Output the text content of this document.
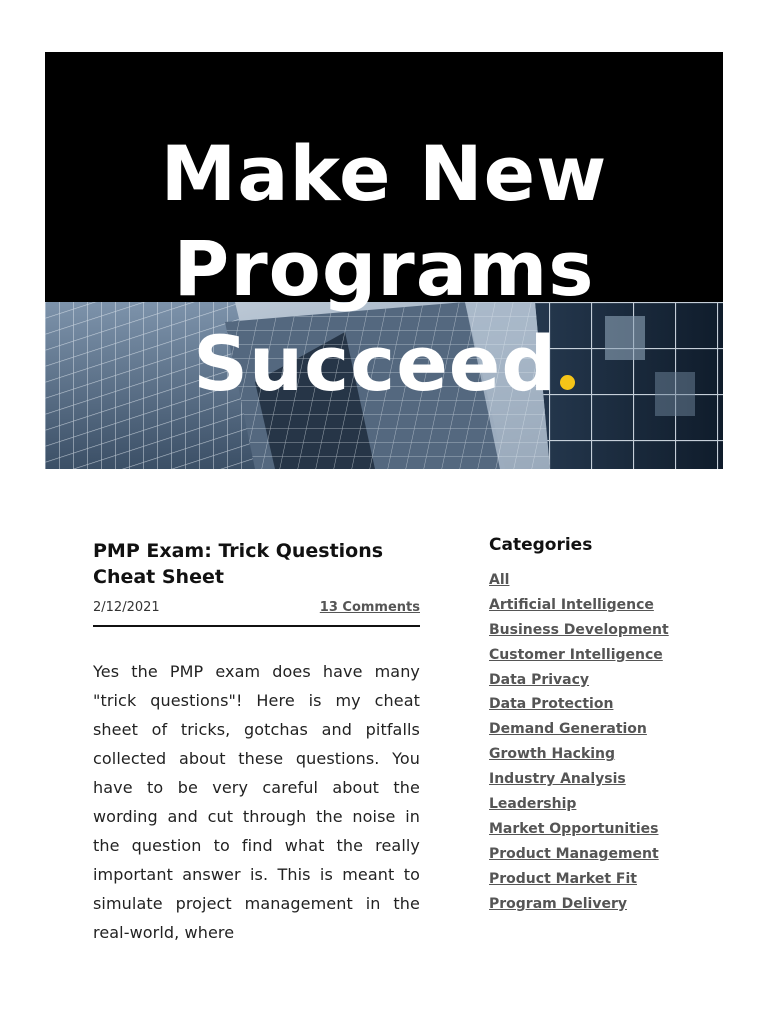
Make New
Programs
Succeed
PMP Exam: Trick Questions Cheat Sheet
2/12/2021	13 Comments

Yes the PMP exam does have many "trick questions"! Here is my cheat sheet of tricks, gotchas and pitfalls collected about these questions. You have to be very careful about the wording and cut through the noise in the question to find what the really important answer is. This is meant to simulate project management in the real-world, where

Categories
All
Artificial Intelligence
Business Development
Customer Intelligence
Data Privacy
Data Protection
Demand Generation
Growth Hacking
Industry Analysis
Leadership
Market Opportunities
Product Management
Product Market Fit
Program Delivery
